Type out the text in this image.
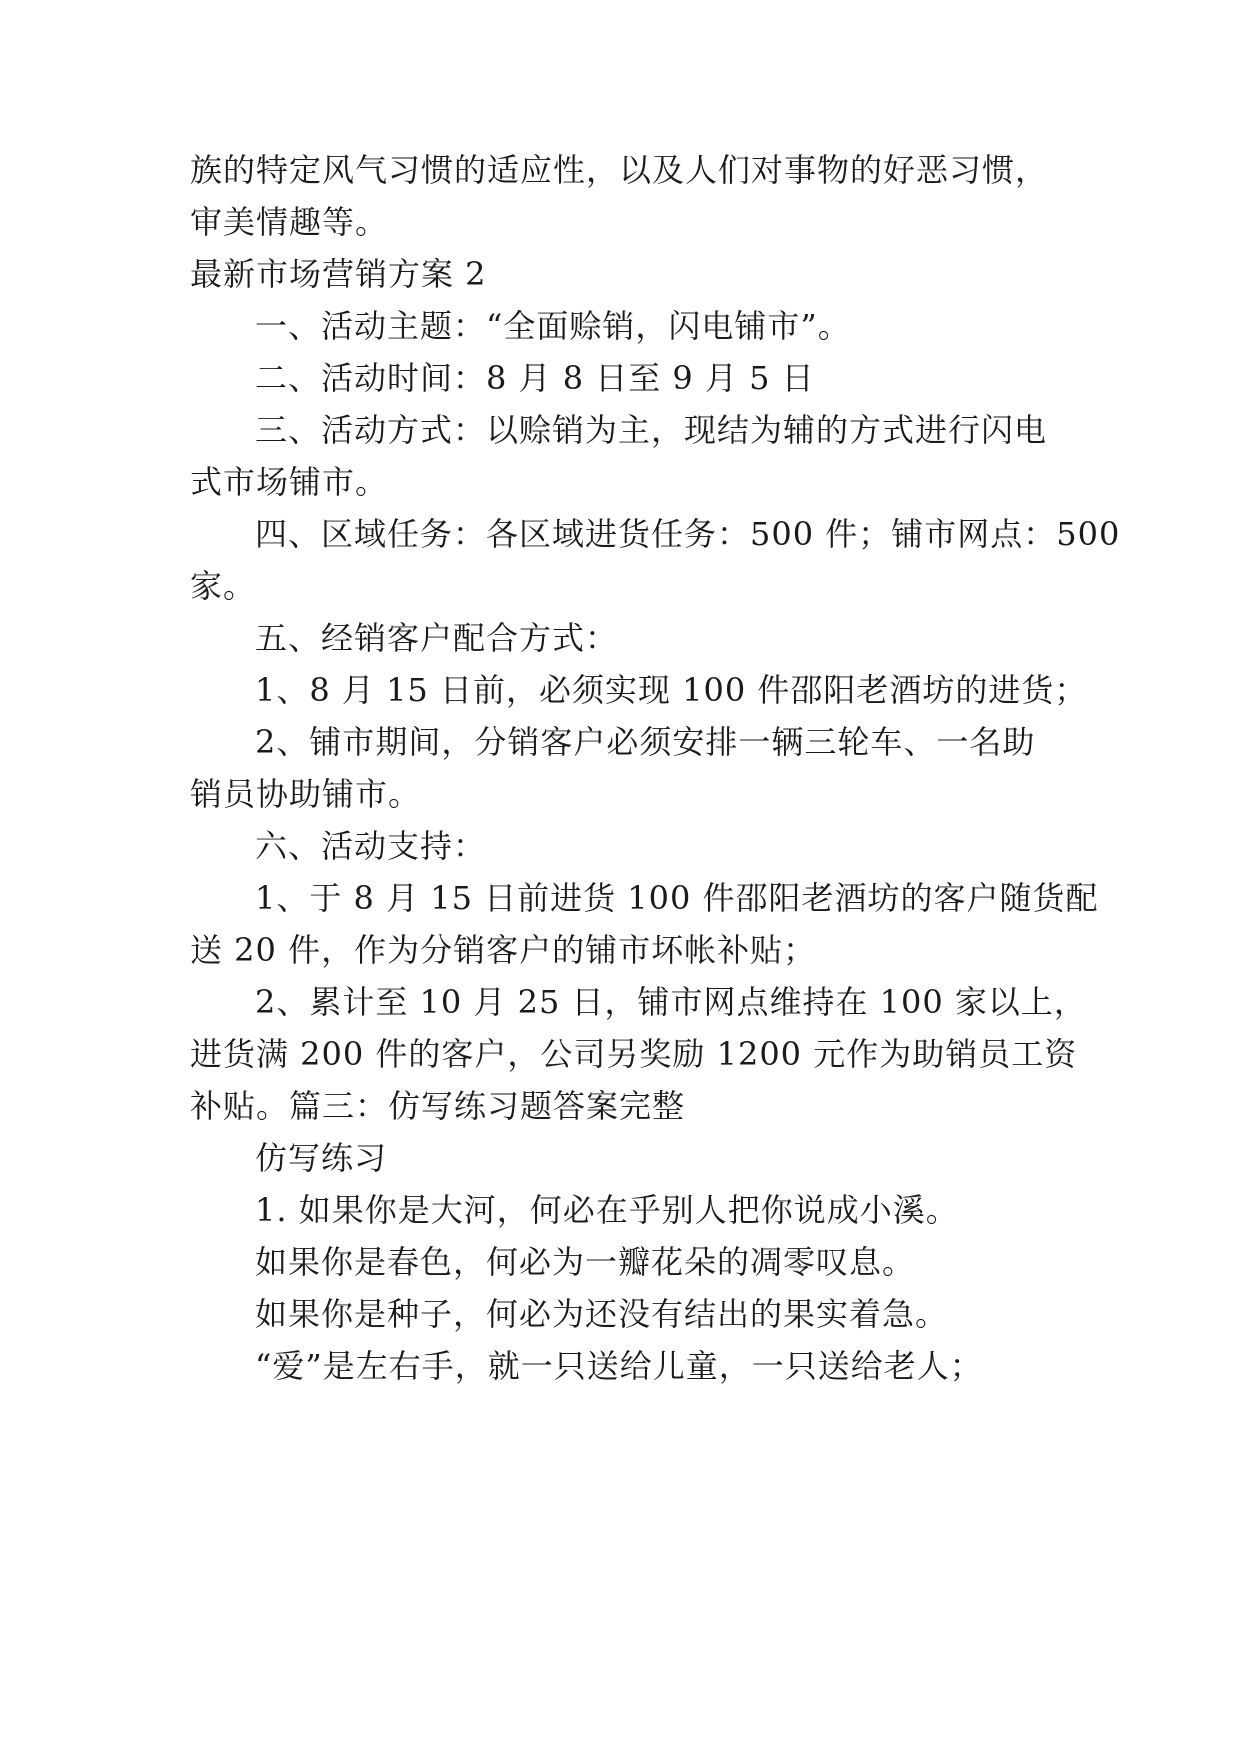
族的特定风气习惯的适应性，以及人们对事物的好恶习惯，
审美情趣等。
最新市场营销方案 2
一、活动主题：“全面赊销，闪电铺市”。
二、活动时间：8 月 8 日至 9 月 5 日
三、活动方式：以赊销为主，现结为辅的方式进行闪电
式市场铺市。
四、区域任务：各区域进货任务：500 件；铺市网点：500
家。
五、经销客户配合方式：
1、8 月 15 日前，必须实现 100 件邵阳老酒坊的进货；
2、铺市期间，分销客户必须安排一辆三轮车、一名助
销员协助铺市。
六、活动支持：
1、于 8 月 15 日前进货 100 件邵阳老酒坊的客户随货配
送 20 件，作为分销客户的铺市坏帐补贴；
2、累计至 10 月 25 日，铺市网点维持在 100 家以上，
进货满 200 件的客户，公司另奖励 1200 元作为助销员工资
补贴。篇三：仿写练习题答案完整
仿写练习
1. 如果你是大河，何必在乎别人把你说成小溪。
如果你是春色，何必为一瓣花朵的凋零叹息。
如果你是种子，何必为还没有结出的果实着急。
“爱”是左右手，就一只送给儿童，一只送给老人；
